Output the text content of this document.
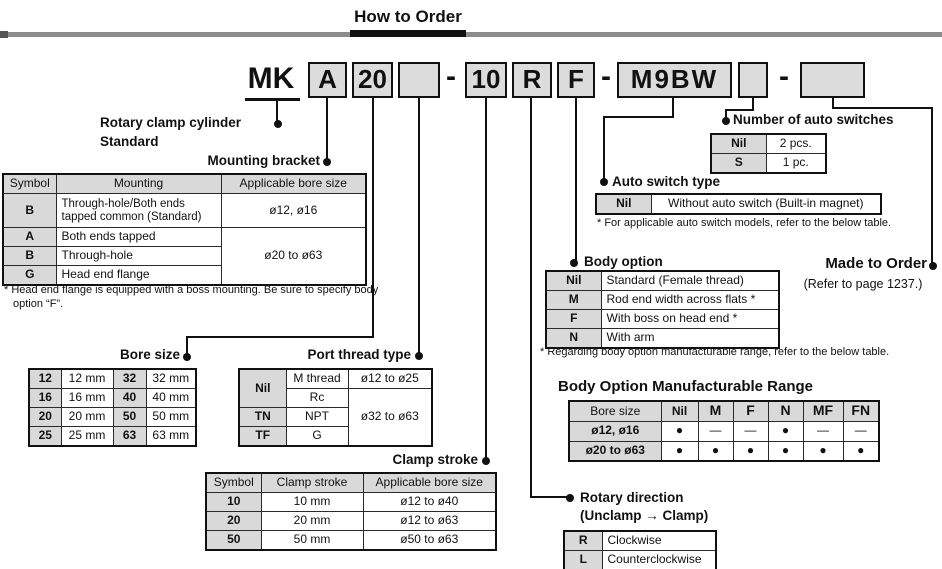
How to Order
MK A 20 - 10 R	F - M9BW	-
Rotary clamp cylinder
Standard
Mounting bracket
Bore size	Port thread type
Clamp stroke
Body option
Auto switch type
Number of auto switches
Rotary direction
(Unclamp → Clamp)
Made to Order
(Refer to page 1237.)
Symbol	Mounting	Applicable bore size
B	Through-hole/Both ends tapped common (Standard)	ø12, ø16
A	Both ends tapped	ø20 to ø63
B	Through-hole	
G	Head end flange	
* Head end flange is equipped with a boss mounting. Be sure to specify body option “F”.
12	12 mm	32	32 mm
16	16 mm	40	40 mm
20	20 mm	50	50 mm
25	25 mm	63	63 mm
Nil	M thread	ø12 to ø25
	Rc	ø32 to ø63
TN	NPT	
TF	G	
Symbol	Clamp stroke	Applicable bore size
10	10 mm	ø12 to ø40
20	20 mm	ø12 to ø63
50	50 mm	ø50 to ø63
Nil	2 pcs.
S	1 pc.
Nil	Without auto switch (Built-in magnet)
* For applicable auto switch models, refer to the below table.
Nil	Standard (Female thread)
M	Rod end width across flats *
F	With boss on head end *
N	With arm
* Regarding body option manufacturable range, refer to the below table.
Body Option Manufacturable Range
Bore size	Nil	M	F	N	MF	FN
ø12, ø16	●	—	—	●	—	—
ø20 to ø63	●	●	●	●	●	●
R	Clockwise
L	Counterclockwise
